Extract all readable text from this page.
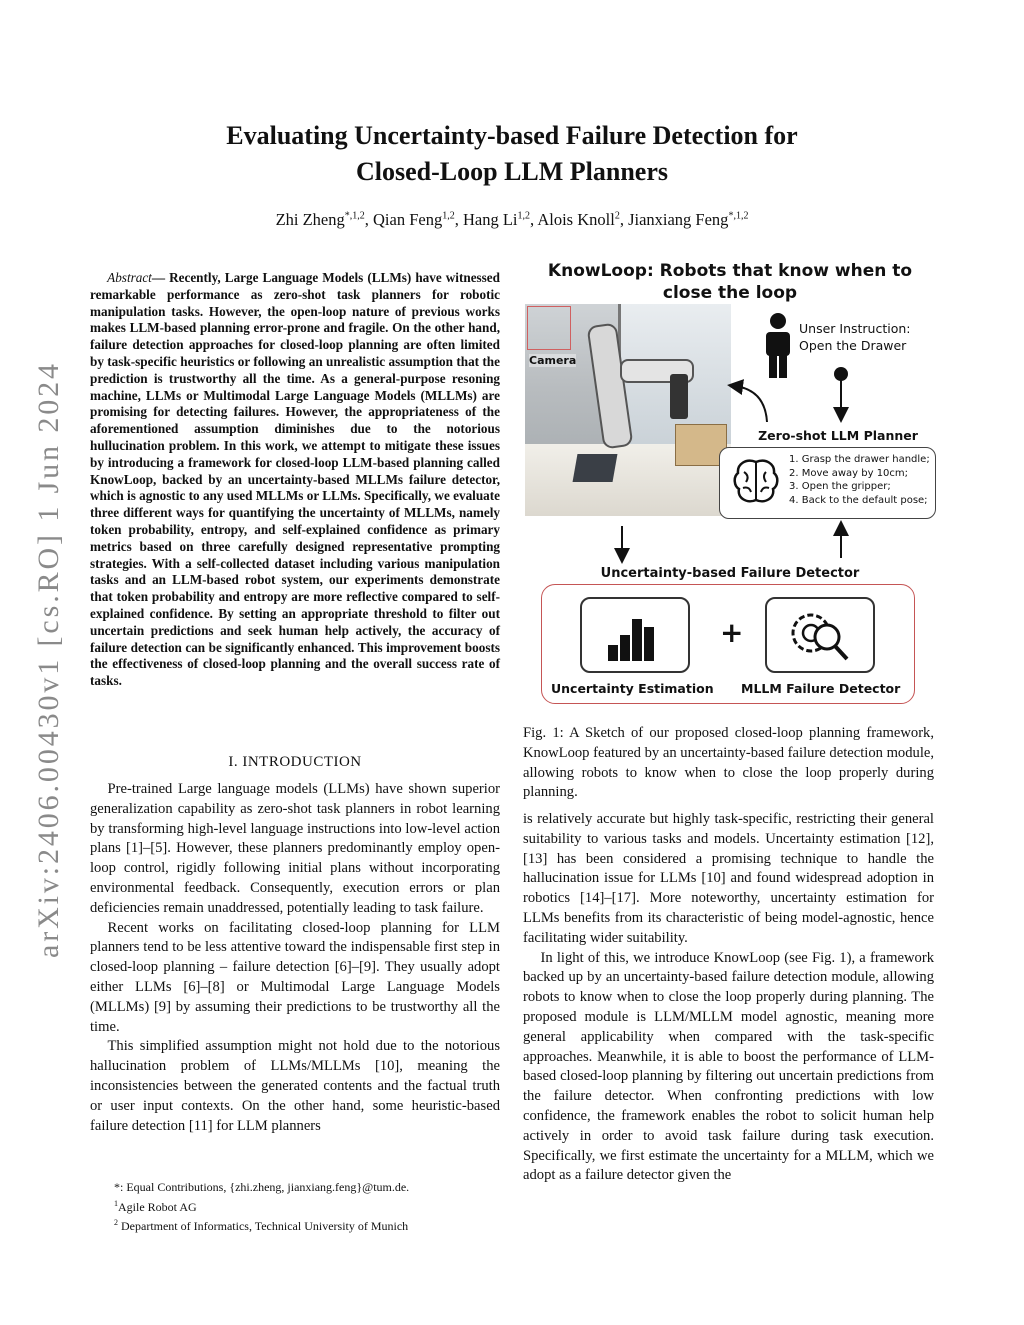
arXiv:2406.00430v1 [cs.RO] 1 Jun 2024
Evaluating Uncertainty-based Failure Detection for
Closed-Loop LLM Planners
Zhi Zheng$^{*,1,2}$, Qian Feng$^{1,2}$, Hang Li$^{1,2}$, Alois Knoll$^2$, Jianxiang Feng$^{*,1,2}$
Abstract— Recently, Large Language Models (LLMs) have witnessed remarkable performance as zero-shot task planners for robotic manipulation tasks. However, the open-loop nature of previous works makes LLM-based planning error-prone and fragile. On the other hand, failure detection approaches for closed-loop planning are often limited by task-specific heuristics or following an unrealistic assumption that the prediction is trustworthy all the time. As a general-purpose resoning machine, LLMs or Multimodal Large Language Models (MLLMs) are promising for detecting failures. However, the appropriateness of the aforementioned assumption diminishes due to the notorious hullucination problem. In this work, we attempt to mitigate these issues by introducing a framework for closed-loop LLM-based planning called KnowLoop, backed by an uncertainty-based MLLMs failure detector, which is agnostic to any used MLLMs or LLMs. Specifically, we evaluate three different ways for quantifying the uncertainty of MLLMs, namely token probability, entropy, and self-explained confidence as primary metrics based on three carefully designed representative prompting strategies. With a self-collected dataset including various manipulation tasks and an LLM-based robot system, our experiments demonstrate that token probability and entropy are more reflective compared to self-explained confidence. By setting an appropriate threshold to filter out uncertain predictions and seek human help actively, the accuracy of failure detection can be significantly enhanced. This improvement boosts the effectiveness of closed-loop planning and the overall success rate of tasks.
I. INTRODUCTION

Pre-trained Large language models (LLMs) have shown superior generalization capability as zero-shot task planners in robot learning by transforming high-level language instructions into low-level action plans [1]–[5]. However, these planners predominantly employ open-loop control, rigidly following initial plans without incorporating environmental feedback. Consequently, execution errors or plan deficiencies remain unaddressed, potentially leading to task failure.

Recent works on facilitating closed-loop planning for LLM planners tend to be less attentive toward the indispensable first step in closed-loop planning – failure detection [6]–[9]. They usually adopt either LLMs [6]–[8] or Multimodal Large Language Models (MLLMs) [9] by assuming their predictions to be trustworthy all the time.

This simplified assumption might not hold due to the notorious hallucination problem of LLMs/MLLMs [10], meaning the inconsistencies between the generated contents and the factual truth or user input contexts. On the other hand, some heuristic-based failure detection [11] for LLM planners

*: Equal Contributions, {zhi.zheng, jianxiang.feng}@tum.de.
$^1$Agile Robot AG
$^2$ Department of Informatics, Technical University of Munich
KnowLoop: Robots that know when to close the loop
Camera
Unser Instruction:
Open the Drawer
Zero-shot LLM Planner
1. Grasp the drawer handle;
2. Move away by 10cm;
3. Open the gripper;
4. Back to the default pose;
Uncertainty-based Failure Detector
+
Uncertainty Estimation MLLM Failure Detector
Fig. 1: A Sketch of our proposed closed-loop planning framework, KnowLoop featured by an uncertainty-based failure detection module, allowing robots to know when to close the loop properly during planning.

is relatively accurate but highly task-specific, restricting their general suitability to various tasks and models. Uncertainty estimation [12], [13] has been considered a promising technique to handle the hallucination issue for LLMs [10] and found widespread adoption in robotics [14]–[17]. More noteworthy, uncertainty estimation for LLMs benefits from its characteristic of being model-agnostic, hence facilitating wider suitability.

In light of this, we introduce KnowLoop (see Fig. 1), a framework backed up by an uncertainty-based failure detection module, allowing robots to know when to close the loop properly during planning. The proposed module is LLM/MLLM model agnostic, meaning more general applicability when compared with the task-specific approaches. Meanwhile, it is able to boost the performance of LLM-based closed-loop planning by filtering out uncertain predictions from the failure detector. When confronting predictions with low confidence, the framework enables the robot to solicit human help actively in order to avoid task failure during task execution. Specifically, we first estimate the uncertainty for a MLLM, which we adopt as a failure detector given the
